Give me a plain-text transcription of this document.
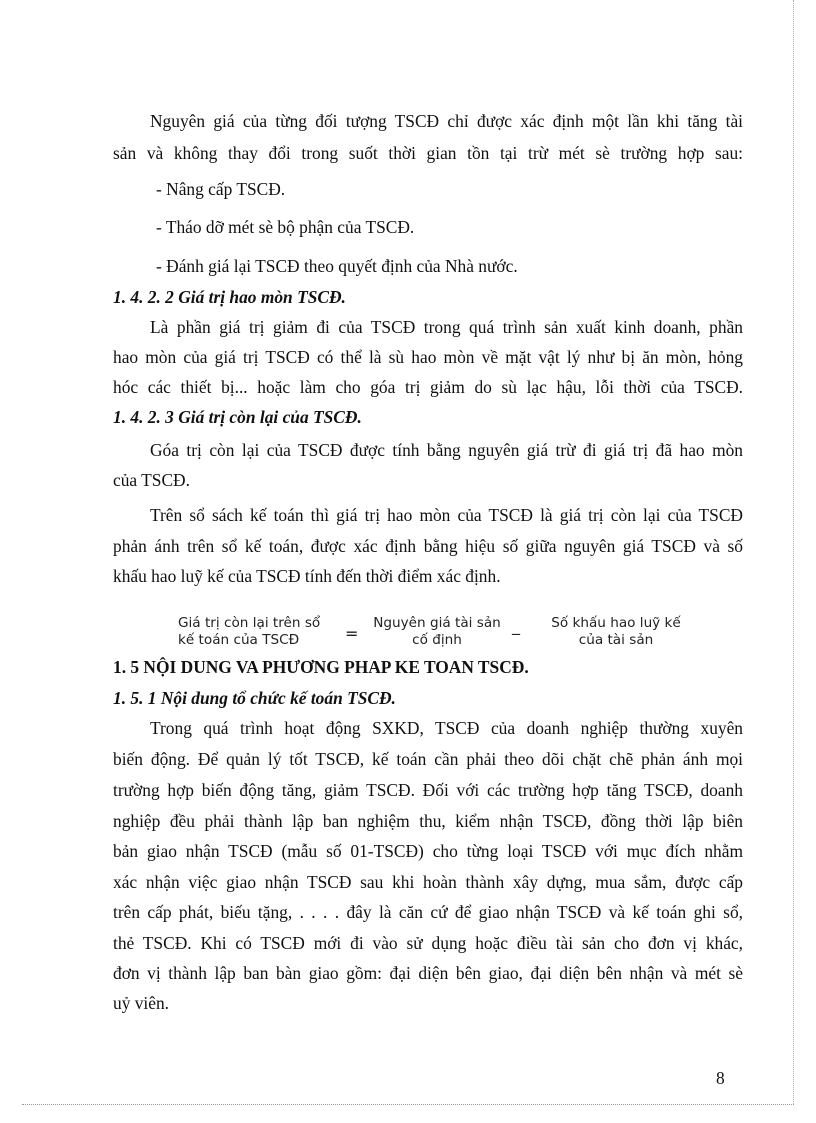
Nguyên giá của từng đối tượng TSCĐ chỉ được xác định một lần khi tăng tài
sản và không thay đổi trong suốt thời gian tồn tại trừ mét sè trường hợp sau:
- Nâng cấp TSCĐ.
- Tháo dỡ mét sè bộ phận của TSCĐ.
- Đánh giá lại TSCĐ theo quyết định của Nhà nước.
1. 4. 2. 2 Giá trị hao mòn TSCĐ.
Là phần giá trị giảm đi của TSCĐ trong quá trình sản xuất kinh doanh, phần
hao mòn của giá trị TSCĐ có thể là sù hao mòn về mặt vật lý như bị ăn mòn, hỏng
hóc các thiết bị... hoặc làm cho góa trị giảm do sù lạc hậu, lỗi thời của TSCĐ.
1. 4. 2. 3 Giá trị còn lại của TSCĐ.
Góa trị còn lại của TSCĐ được tính bằng nguyên giá trừ đi giá trị đã hao mòn
của TSCĐ.
Trên sổ sách kế toán thì giá trị hao mòn của TSCĐ là giá trị còn lại của TSCĐ
phản ánh trên sổ kế toán, được xác định bằng hiệu số giữa nguyên giá TSCĐ và số
khấu hao luỹ kế của TSCĐ tính đến thời điểm xác định.
Giá trị còn lại trên sổ
kế toán của TSCĐ	=
Nguyên giá tài sản
cố định
_	Số khấu hao luỹ kế
của tài sản
1. 5 NỘI DUNG VA PHƯƠNG PHAP KE TOAN TSCĐ.
1. 5. 1 Nội dung tổ chức kế toán TSCĐ.
Trong quá trình hoạt động SXKD, TSCĐ của doanh nghiệp thường xuyên
biến động. Để quản lý tốt TSCĐ, kế toán cần phải theo dõi chặt chẽ phản ánh mọi
trường hợp biến động tăng, giảm TSCĐ. Đối với các trường hợp tăng TSCĐ, doanh
nghiệp đều phải thành lập ban nghiệm thu, kiểm nhận TSCĐ, đồng thời lập biên
bản giao nhận TSCĐ (mẫu số 01-TSCĐ) cho từng loại TSCĐ với mục đích nhằm
xác nhận việc giao nhận TSCĐ sau khi hoàn thành xây dựng, mua sắm, được cấp
trên cấp phát, biếu tặng, . . . . đây là căn cứ để giao nhận TSCĐ và kế toán ghi sổ,
thẻ TSCĐ. Khi có TSCĐ mới đi vào sử dụng hoặc điều tài sản cho đơn vị khác,
đơn vị thành lập ban bàn giao gồm: đại diện bên giao, đại diện bên nhận và mét sè
uỷ viên.
8
